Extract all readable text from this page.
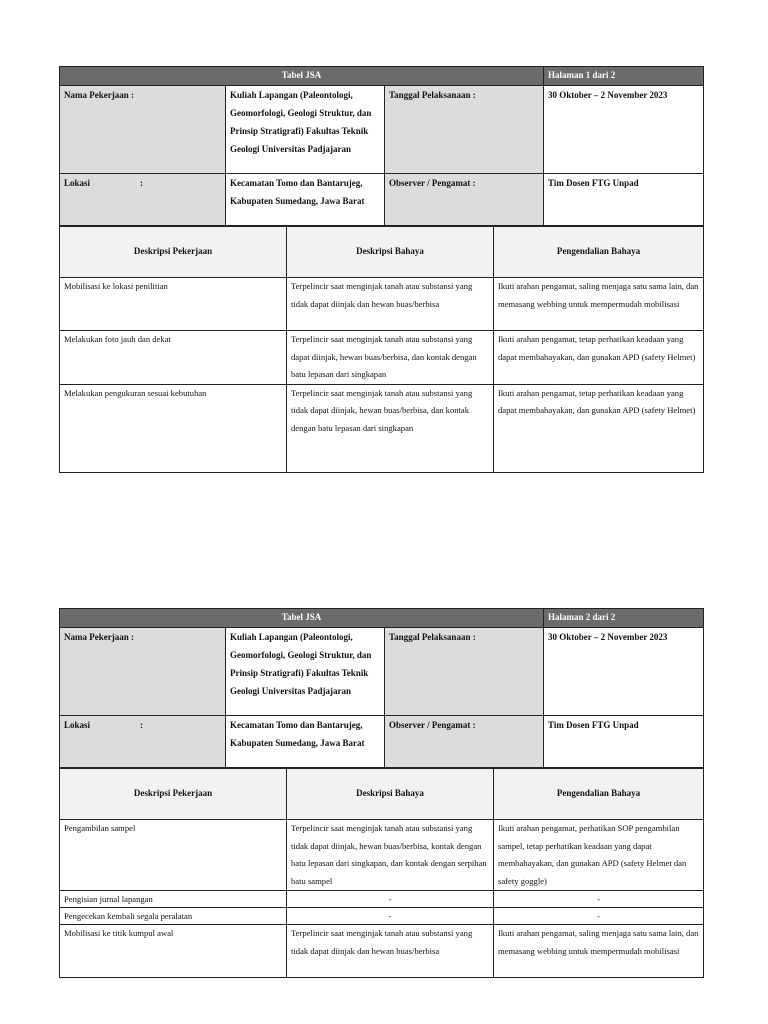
Tabel JSA			Halaman 1 dari 2
Nama Pekerjaan :	Kuliah Lapangan (Paleontologi, Geomorfologi, Geologi Struktur, dan Prinsip Stratigrafi) Fakultas Teknik Geologi Universitas Padjajaran	Tanggal Pelaksanaan :	30 Oktober – 2 November 2023
Lokasi :	Kecamatan Tomo dan Bantarujeg, Kabupaten Sumedang, Jawa Barat	Observer / Pengamat :	Tim Dosen FTG Unpad
Deskripsi Pekerjaan	Deskripsi Bahaya	Pengendalian Bahaya
Mobilisasi ke lokasi penilitian	Terpelincir saat menginjak tanah atau substansi yang tidak dapat diinjak dan hewan buas/berbisa	Ikuti arahan pengamat, saling menjaga satu sama lain, dan memasang webbing untuk mempermudah mobilisasi
Melakukan foto jauh dan dekat	Terpelincir saat menginjak tanah atau substansi yang dapat diinjak, hewan buas/berbisa, dan kontak dengan batu lepasan dari singkapan	Ikuti arahan pengamat, tetap perhatikan keadaan yang dapat membahayakan, dan gunakan APD (safety Helmet)
Melakukan pengukuran sesuai kebutuhan	Terpelincir saat menginjak tanah atau substansi yang tidak dapat diinjak, hewan buas/berbisa, dan kontak dengan batu lepasan dari singkapan	Ikuti arahan pengamat, tetap perhatikan keadaan yang dapat membahayakan, dan gunakan APD (safety Helmet)
Tabel JSA			Halaman 2 dari 2
Nama Pekerjaan :	Kuliah Lapangan (Paleontologi, Geomorfologi, Geologi Struktur, dan Prinsip Stratigrafi) Fakultas Teknik Geologi Universitas Padjajaran	Tanggal Pelaksanaan :	30 Oktober – 2 November 2023
Lokasi :	Kecamatan Tomo dan Bantarujeg, Kabupaten Sumedang, Jawa Barat	Observer / Pengamat :	Tim Dosen FTG Unpad
Deskripsi Pekerjaan	Deskripsi Bahaya	Pengendalian Bahaya
Pengambilan sampel	Terpelincir saat menginjak tanah atau substansi yang tidak dapat diinjak, hewan buas/berbisa, kontak dengan batu lepasan dari singkapan, dan kontak dengan serpihan batu sampel	Ikuti arahan pengamat, perhatikan SOP pengambilan sampel, tetap perhatikan keadaan yang dapat membahayakan, dan gunakan APD (safety Helmet dan safety goggle)
Pengisian jurnal lapangan	-	-
Pengecekan kembali segala peralatan	-	-
Mobilisasi ke titik kumpul awal	Terpelincir saat menginjak tanah atau substansi yang tidak dapat diinjak dan hewan buas/berbisa	Ikuti arahan pengamat, saling menjaga satu sama lain, dan memasang webbing untuk mempermudah mobilisasi
